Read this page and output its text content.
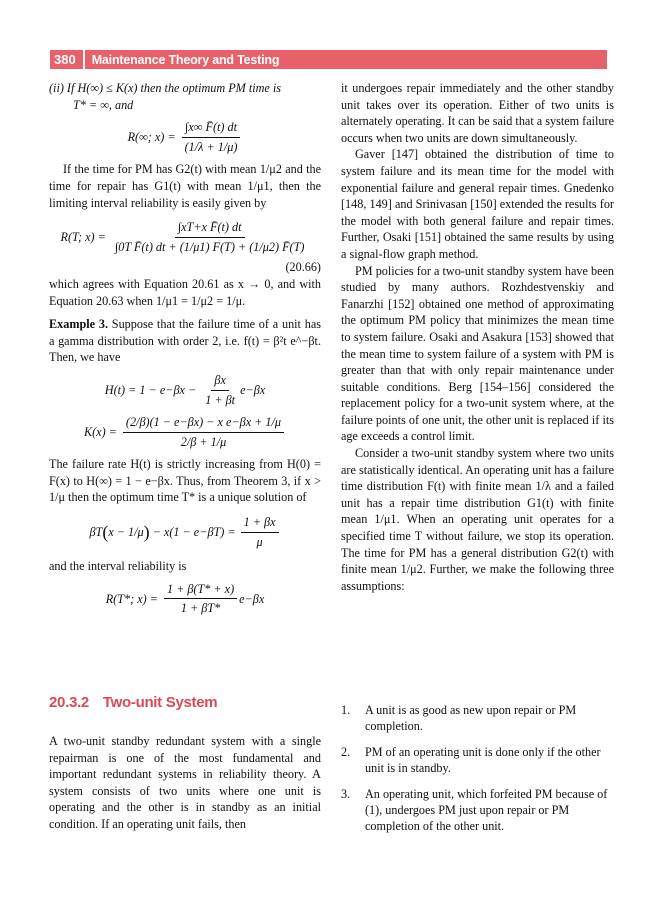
380	Maintenance Theory and Testing

(ii) If H(∞) ≤ K(x) then the optimum PM time is
T* = ∞, and

R(∞; $x) = \frac{\int x\infty F̄(t) dt}{(1/\lambda + 1/\mu)}$

If the time for PM has G2(t) with mean 1/μ2 and the time for repair has G1(t) with mean 1/μ1, then the limiting interval reliability is easily given by

R(T; $x) = \frac{\text{∫xT+x F̄(t) dt}}{\text{∫0T F̄(t) dt + (1/μ1) F(T) + (1/μ2) F̄(T)}}$
(20.66)

which agrees with Equation 20.61 as x → 0, and with Equation 20.63 when 1/μ1 = 1/μ2 = 1/μ.

Example 3. Suppose that the failure time of a unit has a gamma distribution with order 2, i.e. f(t) = β²t e^−βt. Then, we have

$H(t) = 1 - e-\beta x - \frac{\beta x}{1 + \beta t} e-\beta x$
$K(x) = \frac{\text{(2/β)(1 − e−βx) − x e−βx + 1/μ}}{2/\beta + 1/\mu}$

The failure rate H(t) is strictly increasing from H(0) = F(x) to H(∞) = 1 − e−βx. Thus, from Theorem 3, if x > 1/μ then the optimum time T* is a unique solution of

βT ( x − 1/μ ) − $x(1 - e-\beta T) = \frac{1 + \beta x}{\mu}$

and the interval reliability is

R(T*; $x) = \frac{1 + \beta(T* + x)}{1 + \beta T*} e-\beta x$

it undergoes repair immediately and the other standby unit takes over its operation. Either of two units is alternately operating. It can be said that a system failure occurs when two units are down simultaneously.

Gaver [147] obtained the distribution of time to system failure and its mean time for the model with exponential failure and general repair times. Gnedenko [148, 149] and Srinivasan [150] extended the results for the model with both general failure and repair times. Further, Osaki [151] obtained the same results by using a signal-flow graph method.

PM policies for a two-unit standby system have been studied by many authors. Rozhdestvenskiy and Fanarzhi [152] obtained one method of approximating the optimum PM policy that minimizes the mean time to system failure. Osaki and Asakura [153] showed that the mean time to system failure of a system with PM is greater than that with only repair maintenance under suitable conditions. Berg [154–156] considered the replacement policy for a two-unit system where, at the failure points of one unit, the other unit is replaced if its age exceeds a control limit.

Consider a two-unit standby system where two units are statistically identical. An operating unit has a failure time distribution F(t) with finite mean 1/λ and a failed unit has a repair time distribution G1(t) with finite mean 1/μ1. When an operating unit operates for a specified time T without failure, we stop its operation. The time for PM has a general distribution G2(t) with finite mean 1/μ2. Further, we make the following three assumptions:

20.3.2 Two-unit System

A two-unit standby redundant system with a single repairman is one of the most fundamental and important redundant systems in reliability theory. A system consists of two units where one unit is operating and the other is in standby as an initial condition. If an operating unit fails, then

1.	A unit is as good as new upon repair or PM completion.
2.	PM of an operating unit is done only if the other unit is in standby.
3.	An operating unit, which forfeited PM because of (1), undergoes PM just upon repair or PM completion of the other unit.
